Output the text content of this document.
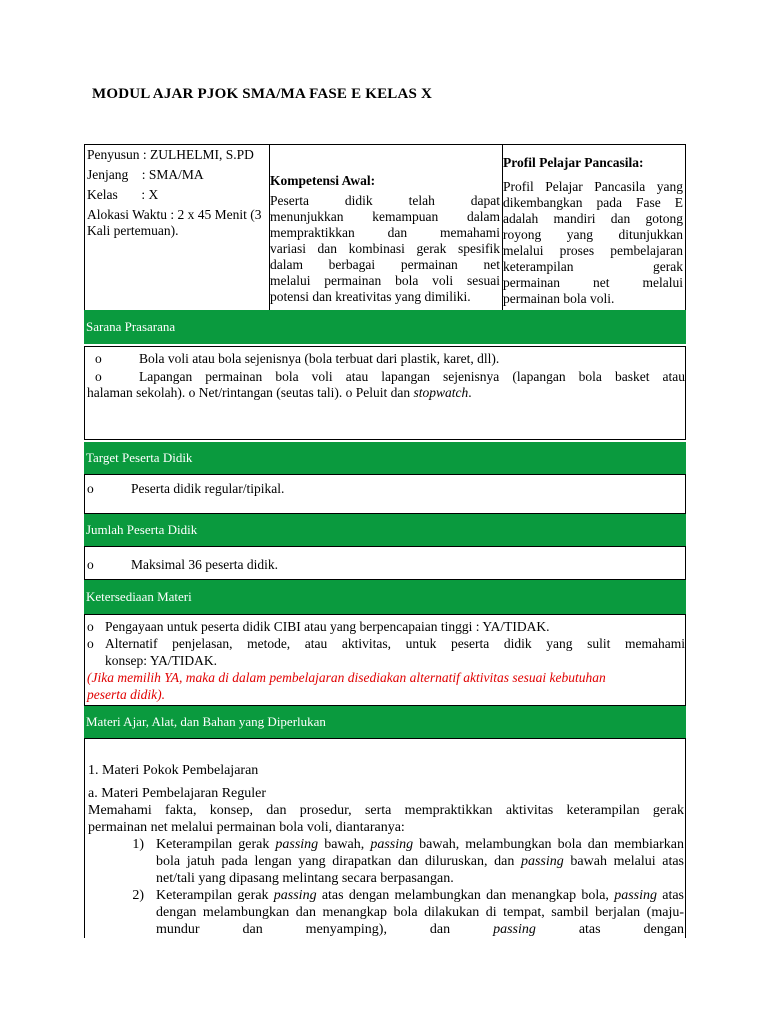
MODUL AJAR PJOK SMA/MA FASE E KELAS X

Penyusun : ZULHELMI, S.PD

Jenjang    : SMA/MA

Kelas       : X

Alokasi Waktu : 2 x 45 Menit (3 Kali pertemuan).

Kompetensi Awal:
Peserta didik telah dapat
menunjukkan kemampuan dalam
mempraktikkan dan memahami
variasi dan kombinasi gerak spesifik
dalam berbagai permainan net
melalui permainan bola voli sesuai
potensi dan kreativitas yang dimiliki.
Profil Pelajar Pancasila:
Profil Pelajar Pancasila yang
dikembangkan pada Fase E
adalah mandiri dan gotong
royong yang ditunjukkan
melalui proses pembelajaran
keterampilan gerak
permainan net melalui
permainan bola voli.
Sarana Prasarana
o	Bola voli atau bola sejenisnya (bola terbuat dari plastik, karet, dll).
o	Lapangan permainan bola voli atau lapangan sejenisnya (lapangan bola basket atau
halaman sekolah). o Net/rintangan (seutas tali). o Peluit dan stopwatch.
Target Peserta Didik
o	Peserta didik regular/tipikal.
Jumlah Peserta Didik
o	Maksimal 36 peserta didik.
Ketersediaan Materi
o Pengayaan untuk peserta didik CIBI atau yang berpencapaian tinggi : YA/TIDAK.
o Alternatif penjelasan, metode, atau aktivitas, untuk peserta didik yang sulit memahami
konsep: YA/TIDAK.
(Jika memilih YA, maka di dalam pembelajaran disediakan alternatif aktivitas sesuai kebutuhan
peserta didik).
Materi Ajar, Alat, dan Bahan yang Diperlukan
1. Materi Pokok Pembelajaran
a. Materi Pembelajaran Reguler
Memahami fakta, konsep, dan prosedur, serta mempraktikkan aktivitas keterampilan gerak
permainan net melalui permainan bola voli, diantaranya:
1) Keterampilan gerak passing bawah, passing bawah, melambungkan bola dan membiarkan bola jatuh pada lengan yang dirapatkan dan diluruskan, dan passing bawah melalui atas net/tali yang dipasang melintang secara berpasangan.
2) Keterampilan gerak passing atas dengan melambungkan dan menangkap bola, passing atas dengan melambungkan dan menangkap bola dilakukan di tempat, sambil berjalan (maju-mundur dan menyamping), dan passing atas dengan
